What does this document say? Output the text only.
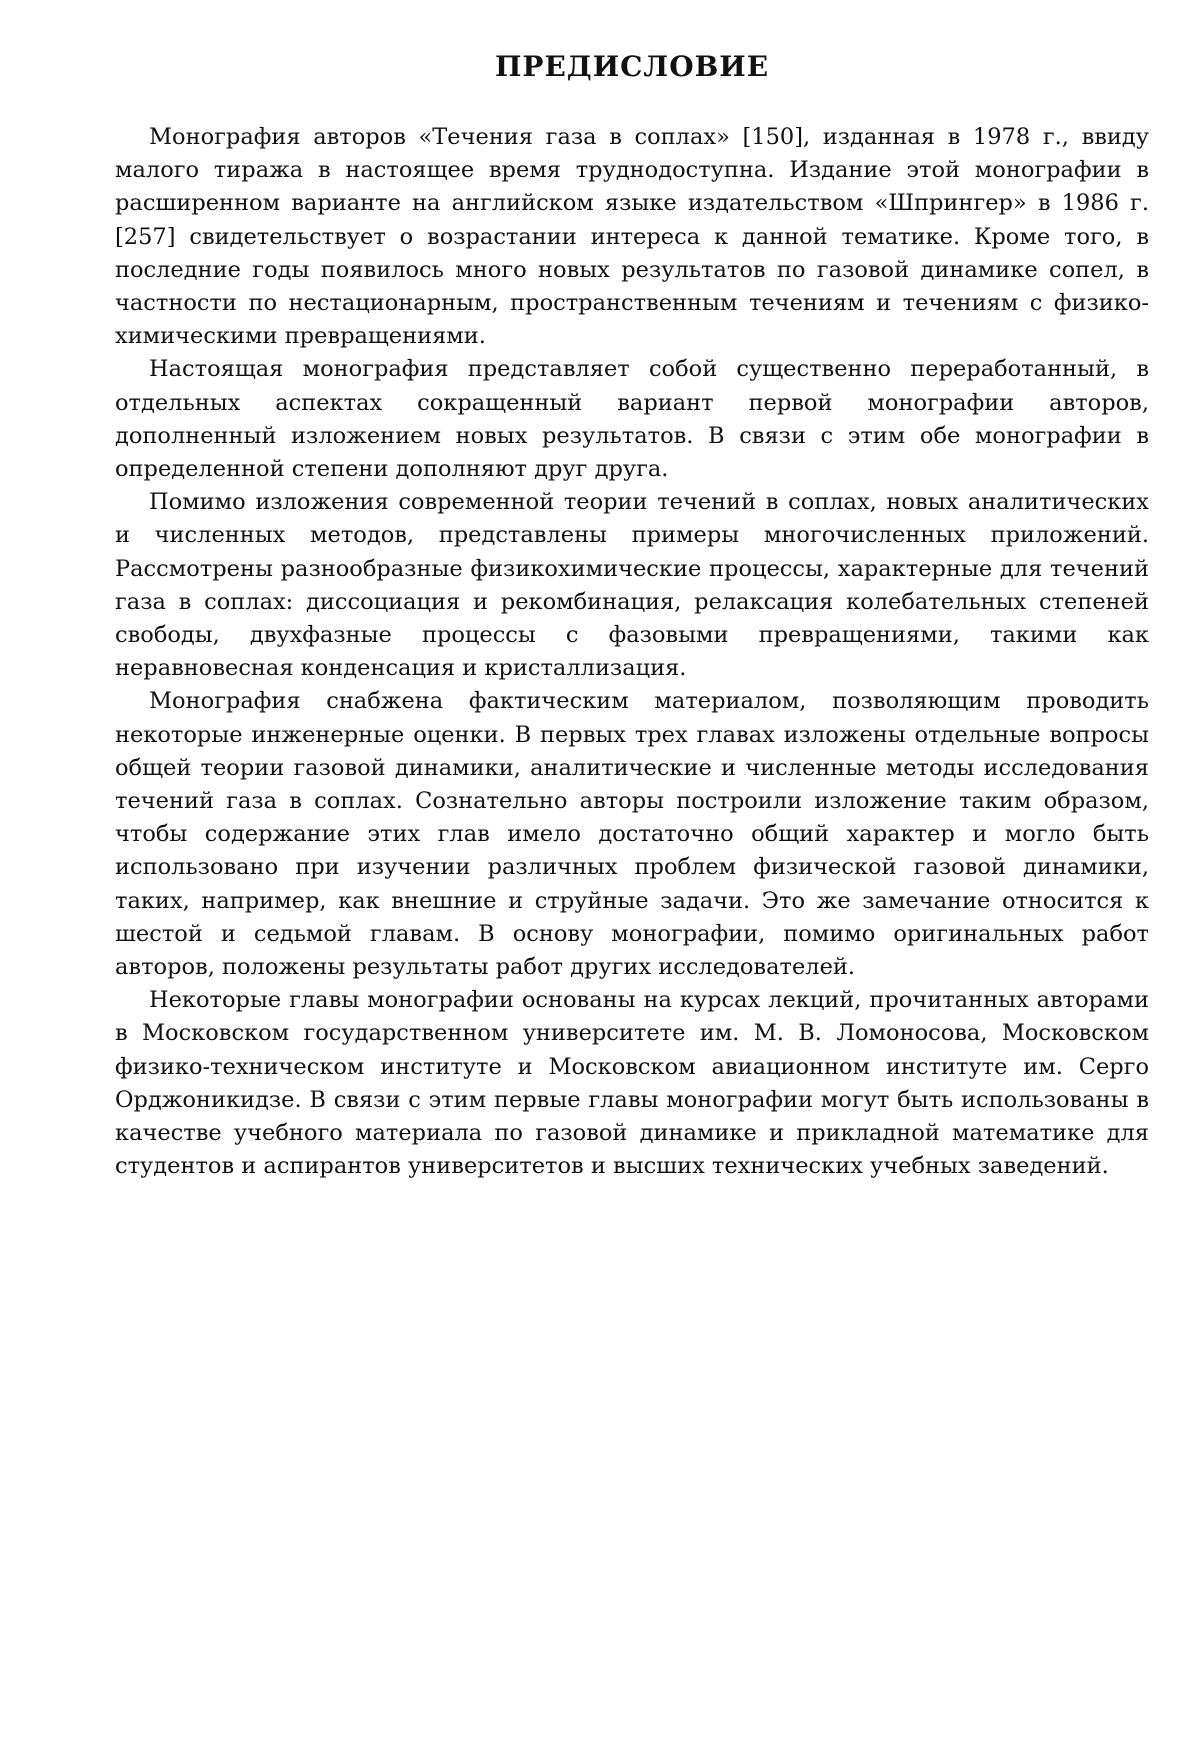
ПРЕДИСЛОВИЕ

Монография авторов «Течения газа в соплах» [150], изданная в 1978 г., ввиду малого тиража в настоящее время труднодоступна. Издание этой монографии в расширенном варианте на английском языке издательством «Шпрингер» в 1986 г. [257] свидетельствует о возрастании интереса к данной тематике. Кроме того, в последние годы появилось много новых результатов по газовой динамике сопел, в частности по нестационарным, пространственным течениям и течениям с физико-химическими превращениями.

Настоящая монография представляет собой существенно переработанный, в отдельных аспектах сокращенный вариант первой монографии авторов, дополненный изложением новых результатов. В связи с этим обе монографии в определенной степени дополняют друг друга.

Помимо изложения современной теории течений в соплах, новых аналитических и численных методов, представлены примеры многочисленных приложений. Рассмотрены разнообразные физикохимические процессы, характерные для течений газа в соплах: диссоциация и рекомбинация, релаксация колебательных степеней свободы, двухфазные процессы с фазовыми превращениями, такими как неравновесная конденсация и кристаллизация.

Монография снабжена фактическим материалом, позволяющим проводить некоторые инженерные оценки. В первых трех главах изложены отдельные вопросы общей теории газовой динамики, аналитические и численные методы исследования течений газа в соплах. Сознательно авторы построили изложение таким образом, чтобы содержание этих глав имело достаточно общий характер и могло быть использовано при изучении различных проблем физической газовой динамики, таких, например, как внешние и струйные задачи. Это же замечание относится к шестой и седьмой главам. В основу монографии, помимо оригинальных работ авторов, положены результаты работ других исследователей.

Некоторые главы монографии основаны на курсах лекций, прочитанных авторами в Московском государственном университете им. М. В. Ломоносова, Московском физико-техническом институте и Московском авиационном институте им. Серго Орджоникидзе. В связи с этим первые главы монографии могут быть использованы в качестве учебного материала по газовой динамике и прикладной математике для студентов и аспирантов университетов и высших технических учебных заведений.
